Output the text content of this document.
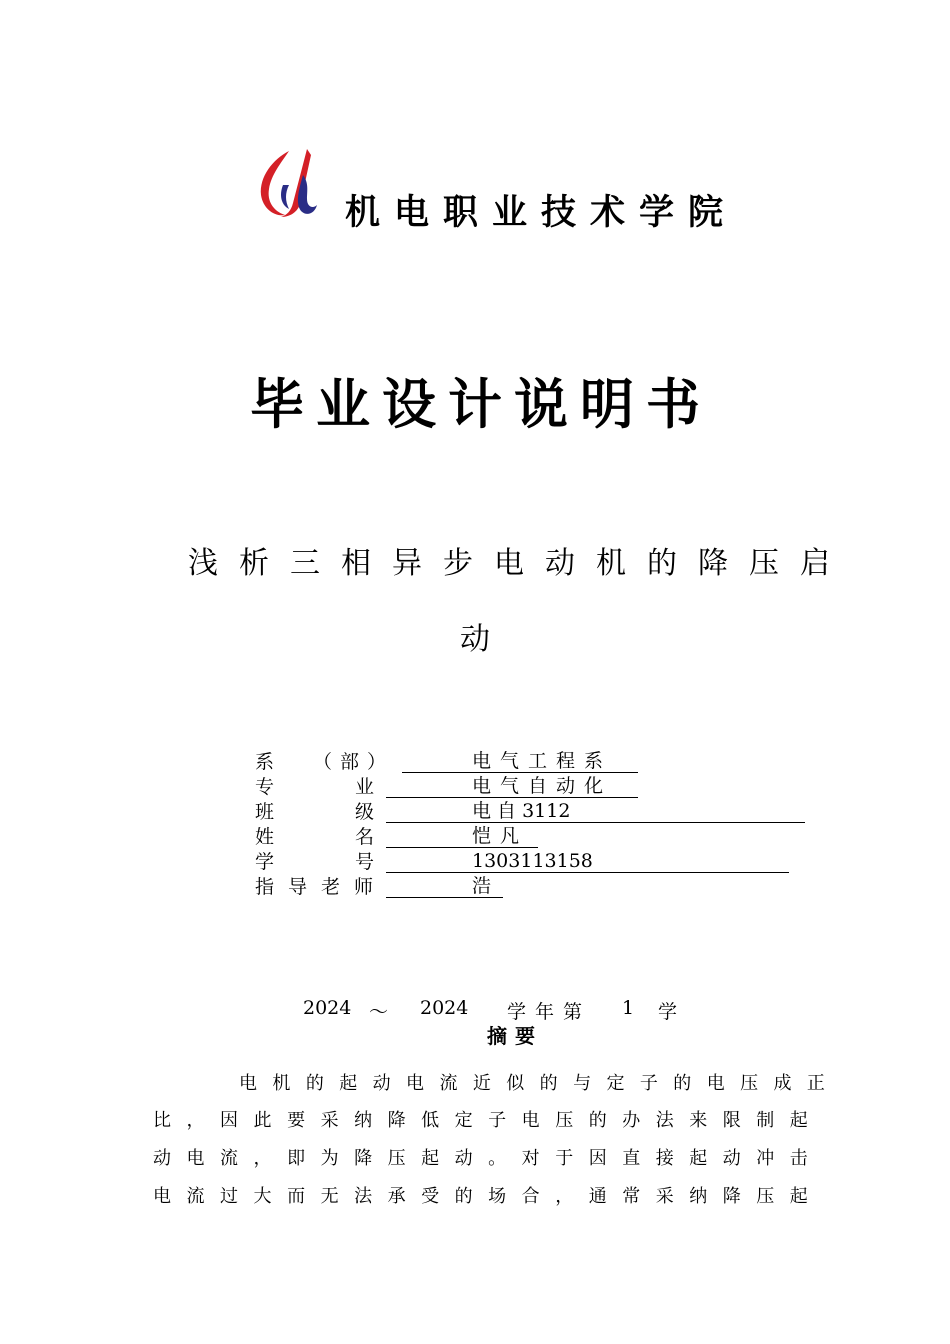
机电职业技术学院
毕业设计说明书
浅析三相异步电动机的降压启
动
系 （ 部 ）	电气工程系
专	业	电气自动化
班	级	电 自 3112
姓	名	恺凡
学	号	1303113158
指 导 老 师	浩
2024 ～ 2024 学年第 1 学
摘要
电 机 的 起 动 电 流 近 似 的 与 定 子 的 电 压 成 正
比 ， 因 此 要 采 纳 降 低 定 子 电 压 的 办 法 来 限 制 起
动 电 流 ， 即 为 降 压 起 动 。 对 于 因 直 接 起 动 冲 击
电 流 过 大 而 无 法 承 受 的 场 合 ， 通 常 采 纳 降 压 起
